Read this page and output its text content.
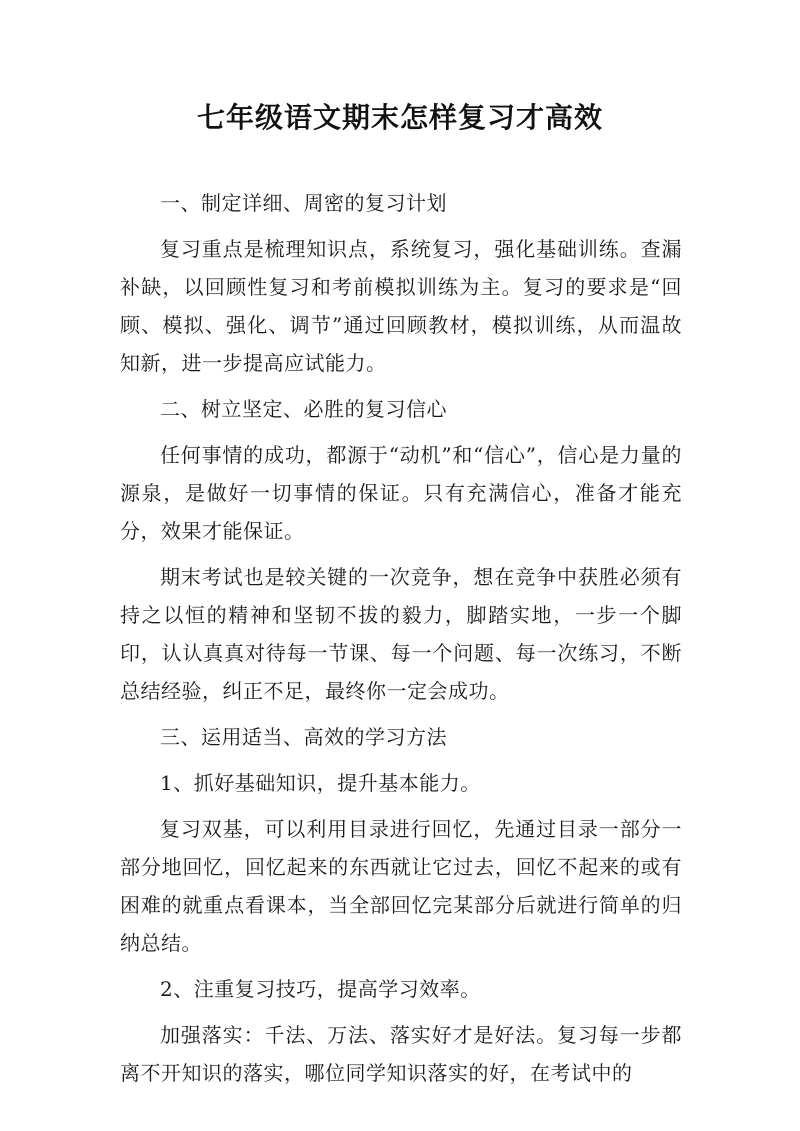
七年级语文期末怎样复习才高效

一、制定详细、周密的复习计划

复习重点是梳理知识点，系统复习，强化基础训练。查漏补缺，以回顾性复习和考前模拟训练为主。复习的要求是“回顾、模拟、强化、调节”通过回顾教材，模拟训练，从而温故知新，进一步提高应试能力。

二、树立坚定、必胜的复习信心

任何事情的成功，都源于“动机”和“信心”，信心是力量的源泉，是做好一切事情的保证。只有充满信心，准备才能充分，效果才能保证。

期末考试也是较关键的一次竞争，想在竞争中获胜必须有持之以恒的精神和坚韧不拔的毅力，脚踏实地，一步一个脚印，认认真真对待每一节课、每一个问题、每一次练习，不断总结经验，纠正不足，最终你一定会成功。

三、运用适当、高效的学习方法

1、抓好基础知识，提升基本能力。

复习双基，可以利用目录进行回忆，先通过目录一部分一部分地回忆，回忆起来的东西就让它过去，回忆不起来的或有困难的就重点看课本，当全部回忆完某部分后就进行简单的归纳总结。

2、注重复习技巧，提高学习效率。

加强落实：千法、万法、落实好才是好法。复习每一步都离不开知识的落实，哪位同学知识落实的好，在考试中的
